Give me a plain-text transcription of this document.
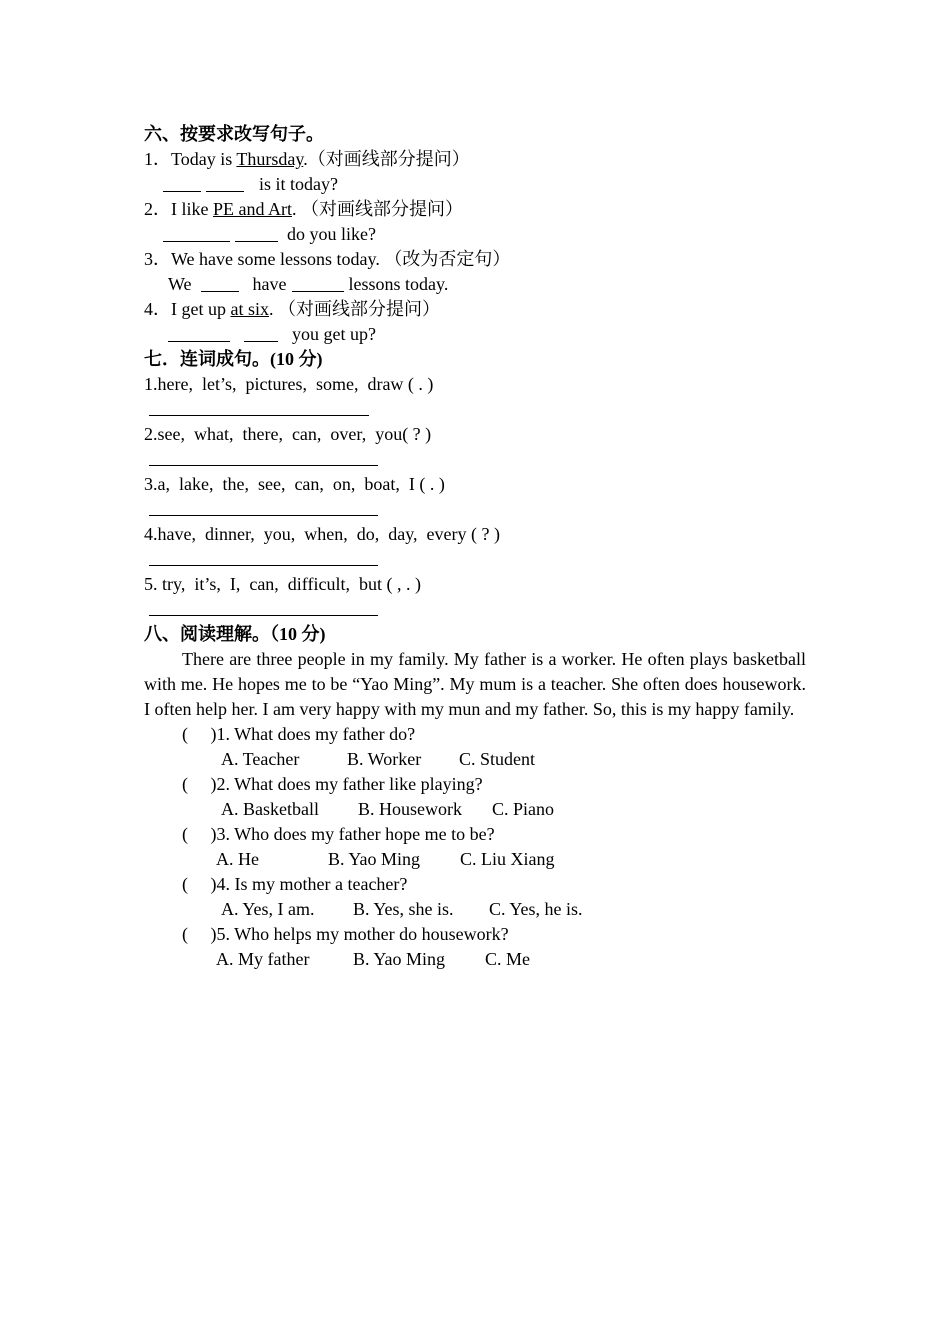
六、按要求改写句子。
1．Today is Thursday.（对画线部分提问）
is it today?
2．I like PE and Art. （对画线部分提问）
do you like?
3．We have some lessons today. （改为否定句）
We	have	lessons today.
4．I get up at six. （对画线部分提问）
you get up?
七．连词成句。(10 分)
1.here,  let’s,  pictures,  some,  draw ( . )
2.see,  what,  there,  can,  over,  you( ? )
3.a,  lake,  the,  see,  can,  on,  boat,  I ( . )
4.have,  dinner,  you,  when,  do,  day,  every ( ? )
5. try,  it’s,  I,  can,  difficult,  but ( , . )
八、阅读理解。（10 分)

There are three people in my family. My father is a worker. He often plays basketball with me. He hopes me to be “Yao Ming”. My mum is a teacher. She often does housework. I often help her. I am very happy with my mun and my father. So, this is my happy family.

(     )1. What does my father do?
A. Teacher	B. Worker C. Student
(     )2. What does my father like playing?
A. Basketball B. Housework C. Piano
(     )3. Who does my father hope me to be?
A. He	B. Yao Ming C. Liu Xiang
(     )4. Is my mother a teacher?
A. Yes, I am. B. Yes, she is. C. Yes, he is.
(     )5. Who helps my mother do housework?
A. My father B. Yao Ming C. Me
